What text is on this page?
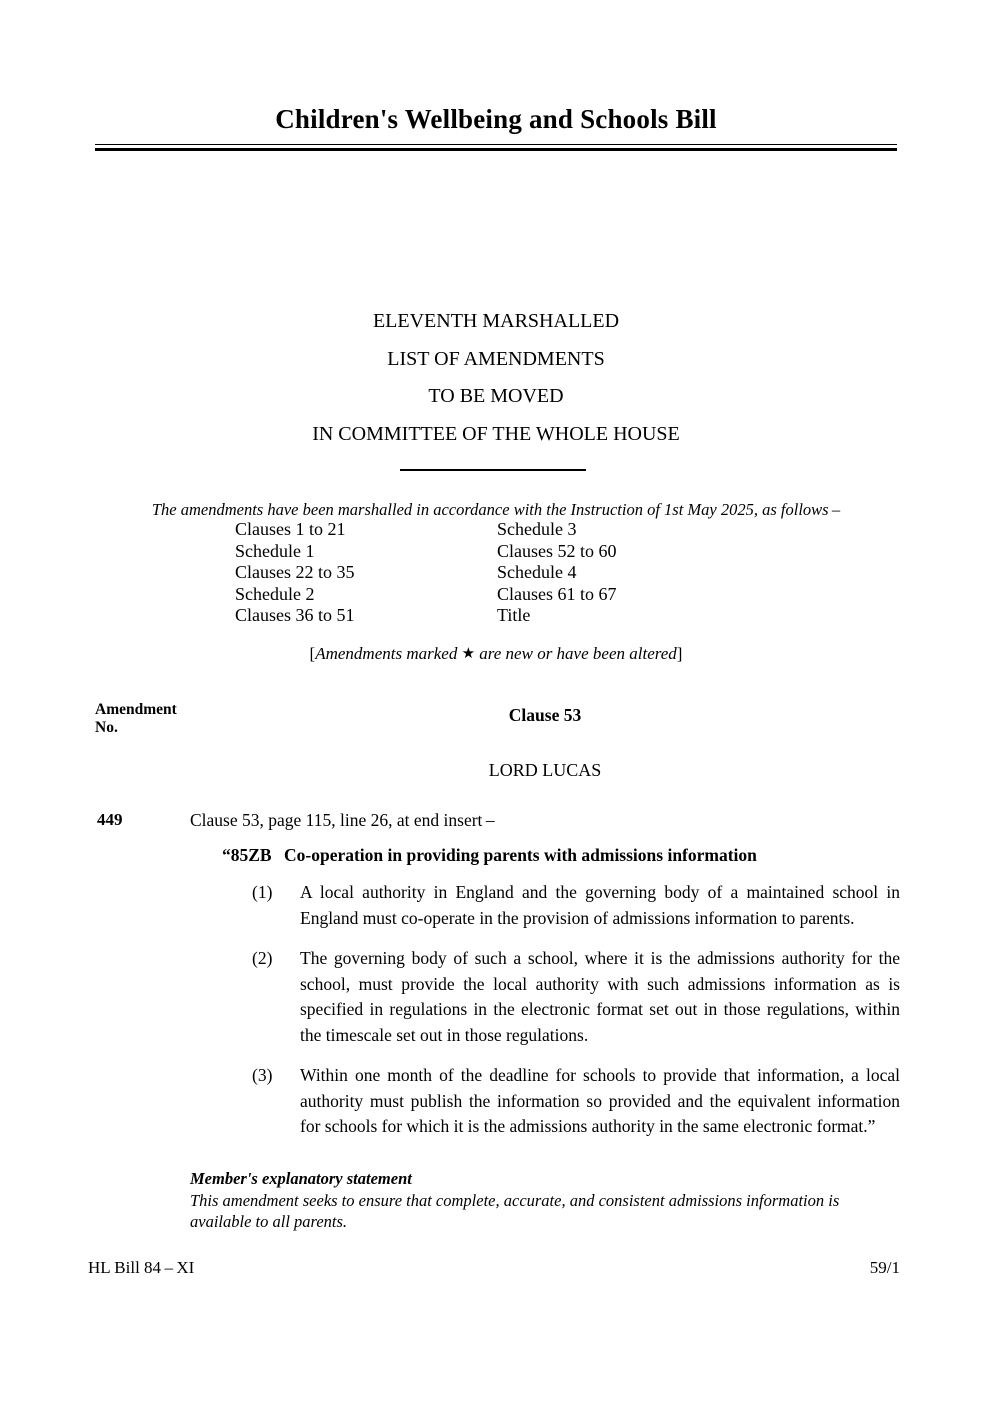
Children's Wellbeing and Schools Bill
ELEVENTH MARSHALLED
LIST OF AMENDMENTS
TO BE MOVED
IN COMMITTEE OF THE WHOLE HOUSE
The amendments have been marshalled in accordance with the Instruction of 1st May 2025, as follows –
Clauses 1 to 21	Schedule 3
Schedule 1	Clauses 52 to 60
Clauses 22 to 35	Schedule 4
Schedule 2	Clauses 61 to 67
Clauses 36 to 51	Title
[Amendments marked ★ are new or have been altered]
Amendment
No.
Clause 53
LORD LUCAS
449	Clause 53, page 115, line 26, at end insert –
“85ZB Co-operation in providing parents with admissions information
(1)	A local authority in England and the governing body of a maintained school in England must co-operate in the provision of admissions information to parents.
(2)	The governing body of such a school, where it is the admissions authority for the school, must provide the local authority with such admissions information as is specified in regulations in the electronic format set out in those regulations, within the timescale set out in those regulations.
(3)	Within one month of the deadline for schools to provide that information, a local authority must publish the information so provided and the equivalent information for schools for which it is the admissions authority in the same electronic format.”
Member's explanatory statement
This amendment seeks to ensure that complete, accurate, and consistent admissions information is available to all parents.
HL Bill 84 – XI	59/1
